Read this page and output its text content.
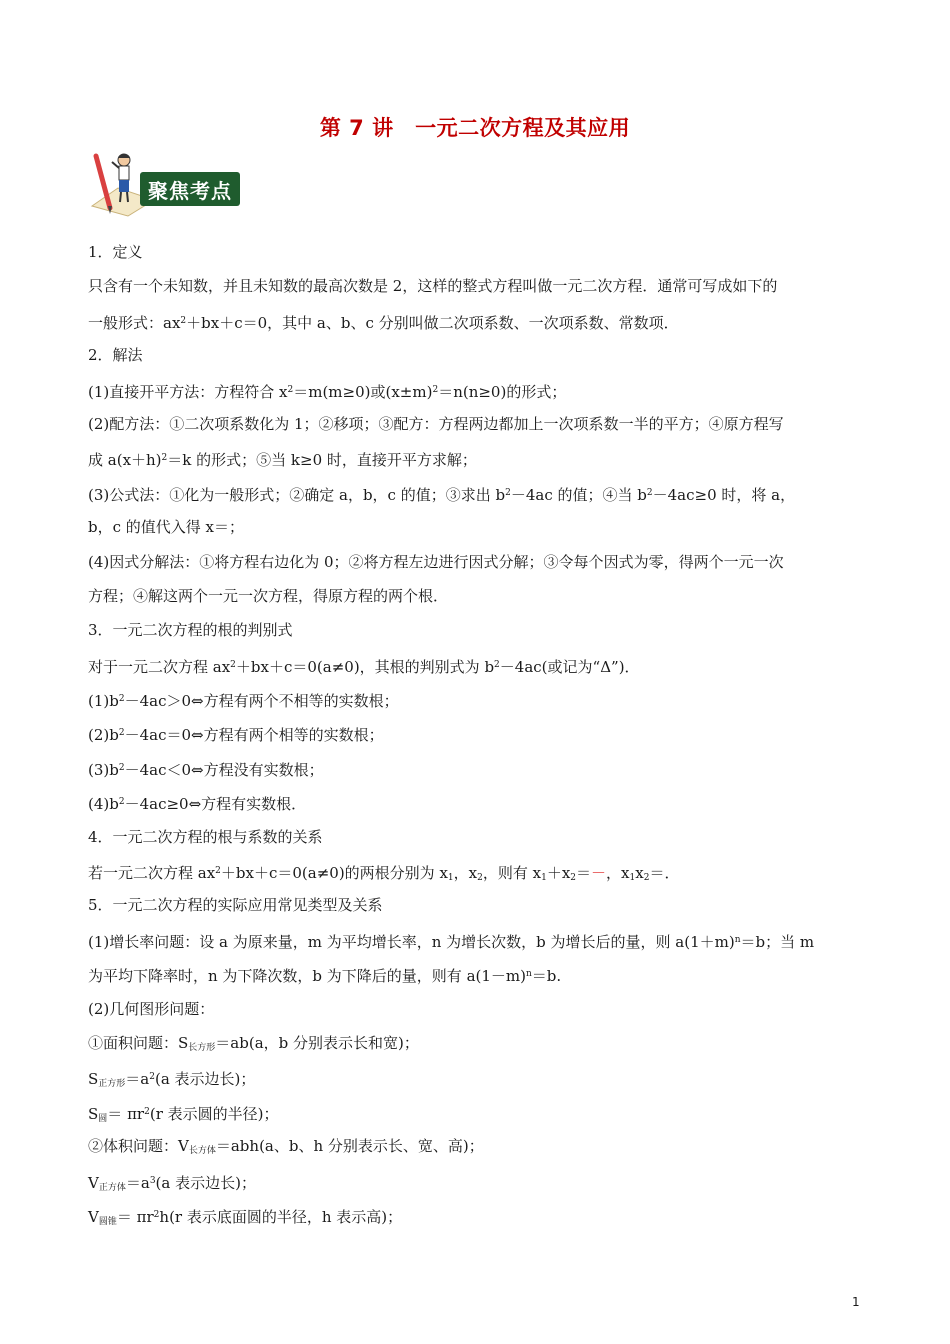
第 7 讲　一元二次方程及其应用
聚焦考点
1．定义
只含有一个未知数，并且未知数的最高次数是 2，这样的整式方程叫做一元二次方程．通常可写成如下的
一般形式：$ax^2+bx+c=0$，其中 a、b、c 分别叫做二次项系数、一次项系数、常数项．
2．解法
(1)直接开平方法：方程符合 $x^2=m(m\ge 0)$或$(x\pm m)^2=n(n\ge 0)$的形式；
(2)配方法：①二次项系数化为 1；②移项；③配方：方程两边都加上一次项系数一半的平方；④原方程写
成 $a(x+h)^2=k$ 的形式；⑤当 k≥0 时，直接开平方求解；
(3)公式法：①化为一般形式；②确定 a，b，c 的值；③求出 $b^2-4ac$ 的值；④当 $b^2-4ac\ge 0$ 时，将 a，
b，c 的值代入得 x＝；
(4)因式分解法：①将方程右边化为 0；②将方程左边进行因式分解；③令每个因式为零，得两个一元一次
方程；④解这两个一元一次方程，得原方程的两个根．
3．一元二次方程的根的判别式
对于一元二次方程 $ax^2+bx+c=0(a\ne 0)$，其根的判别式为 $b^2-4ac$(或记为“Δ”)．
$(1)b^2-4ac>0\Leftrightarrow$方程有两个不相等的实数根；
$(2)b^2-4ac=0\Leftrightarrow$方程有两个相等的实数根；
$(3)b^2-4ac<0\Leftrightarrow$方程没有实数根；
$(4)b^2-4ac\ge 0\Leftrightarrow$方程有实数根．
4．一元二次方程的根与系数的关系
若一元二次方程 $ax^2+bx+c=0(a\ne 0)$的两根分别为 $x_1$，$x_2$，则有 $x_1+x_2=-$，$x_1x_2=$．
5．一元二次方程的实际应用常见类型及关系
(1)增长率问题：设 a 为原来量，m 为平均增长率，n 为增长次数，b 为增长后的量，则 $a(1+m)^n=b$；当 m
为平均下降率时，n 为下降次数，b 为下降后的量，则有 $a(1-m)^n=b$.
(2)几何图形问题：
①面积问题：$S_{长方形}=ab(a$，b 分别表示长和宽)；
$S_{正方形}=a^2(a$ 表示边长)；
$S_圆= \pi r^2(r$ 表示圆的半径)；
②体积问题：$V_{长方体}=abh(a$、b、h 分别表示长、宽、高)；
$V_{正方体}=a^3(a$ 表示边长)；
$V_{圆锥}= \pi r^2h(r$ 表示底面圆的半径，h 表示高)；
1
